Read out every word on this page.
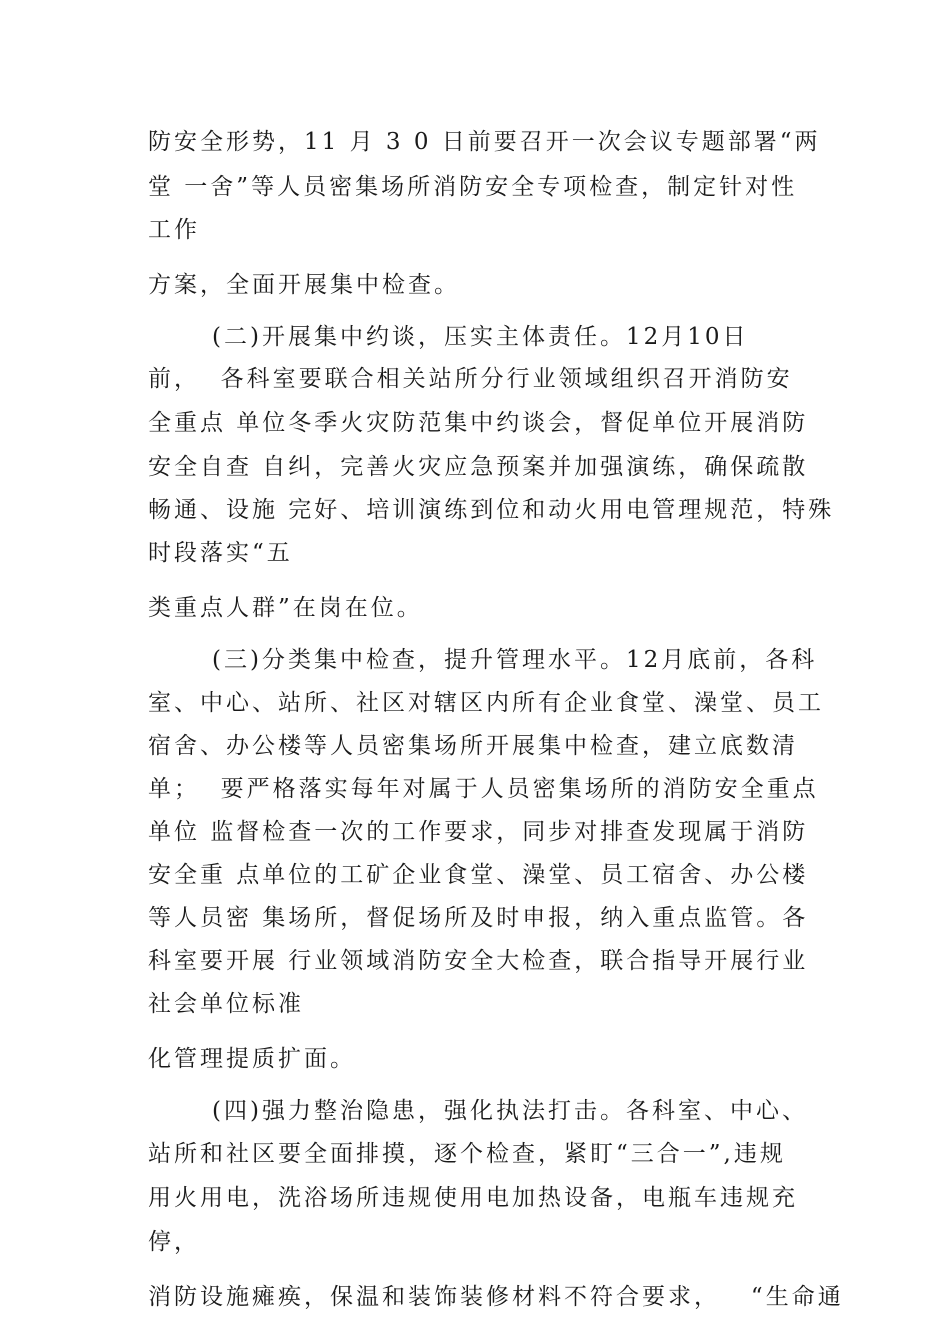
防安全形势，11 月 3 0 日前要召开一次会议专题部署“两
堂 一舍”等人员密集场所消防安全专项检查，制定针对性
工作
方案，全面开展集中检查。
(二)开展集中约谈，压实主体责任。12月10日
前，  各科室要联合相关站所分行业领域组织召开消防安
全重点 单位冬季火灾防范集中约谈会，督促单位开展消防
安全自查 自纠，完善火灾应急预案并加强演练，确保疏散
畅通、设施 完好、培训演练到位和动火用电管理规范，特殊
时段落实“五
类重点人群”在岗在位。
(三)分类集中检查，提升管理水平。12月底前，各科
室、中心、站所、社区对辖区内所有企业食堂、澡堂、员工
宿舍、办公楼等人员密集场所开展集中检查，建立底数清
单；  要严格落实每年对属于人员密集场所的消防安全重点
单位 监督检查一次的工作要求，同步对排查发现属于消防
安全重 点单位的工矿企业食堂、澡堂、员工宿舍、办公楼
等人员密 集场所，督促场所及时申报，纳入重点监管。各
科室要开展 行业领域消防安全大检查，联合指导开展行业
社会单位标准
化管理提质扩面。
(四)强力整治隐患，强化执法打击。各科室、中心、
站所和社区要全面排摸，逐个检查，紧盯“三合一”,违规
用火用电，洗浴场所违规使用电加热设备，电瓶车违规充
停，
消防设施瘫痪，保温和装饰装修材料不符合要求，   “生命通
